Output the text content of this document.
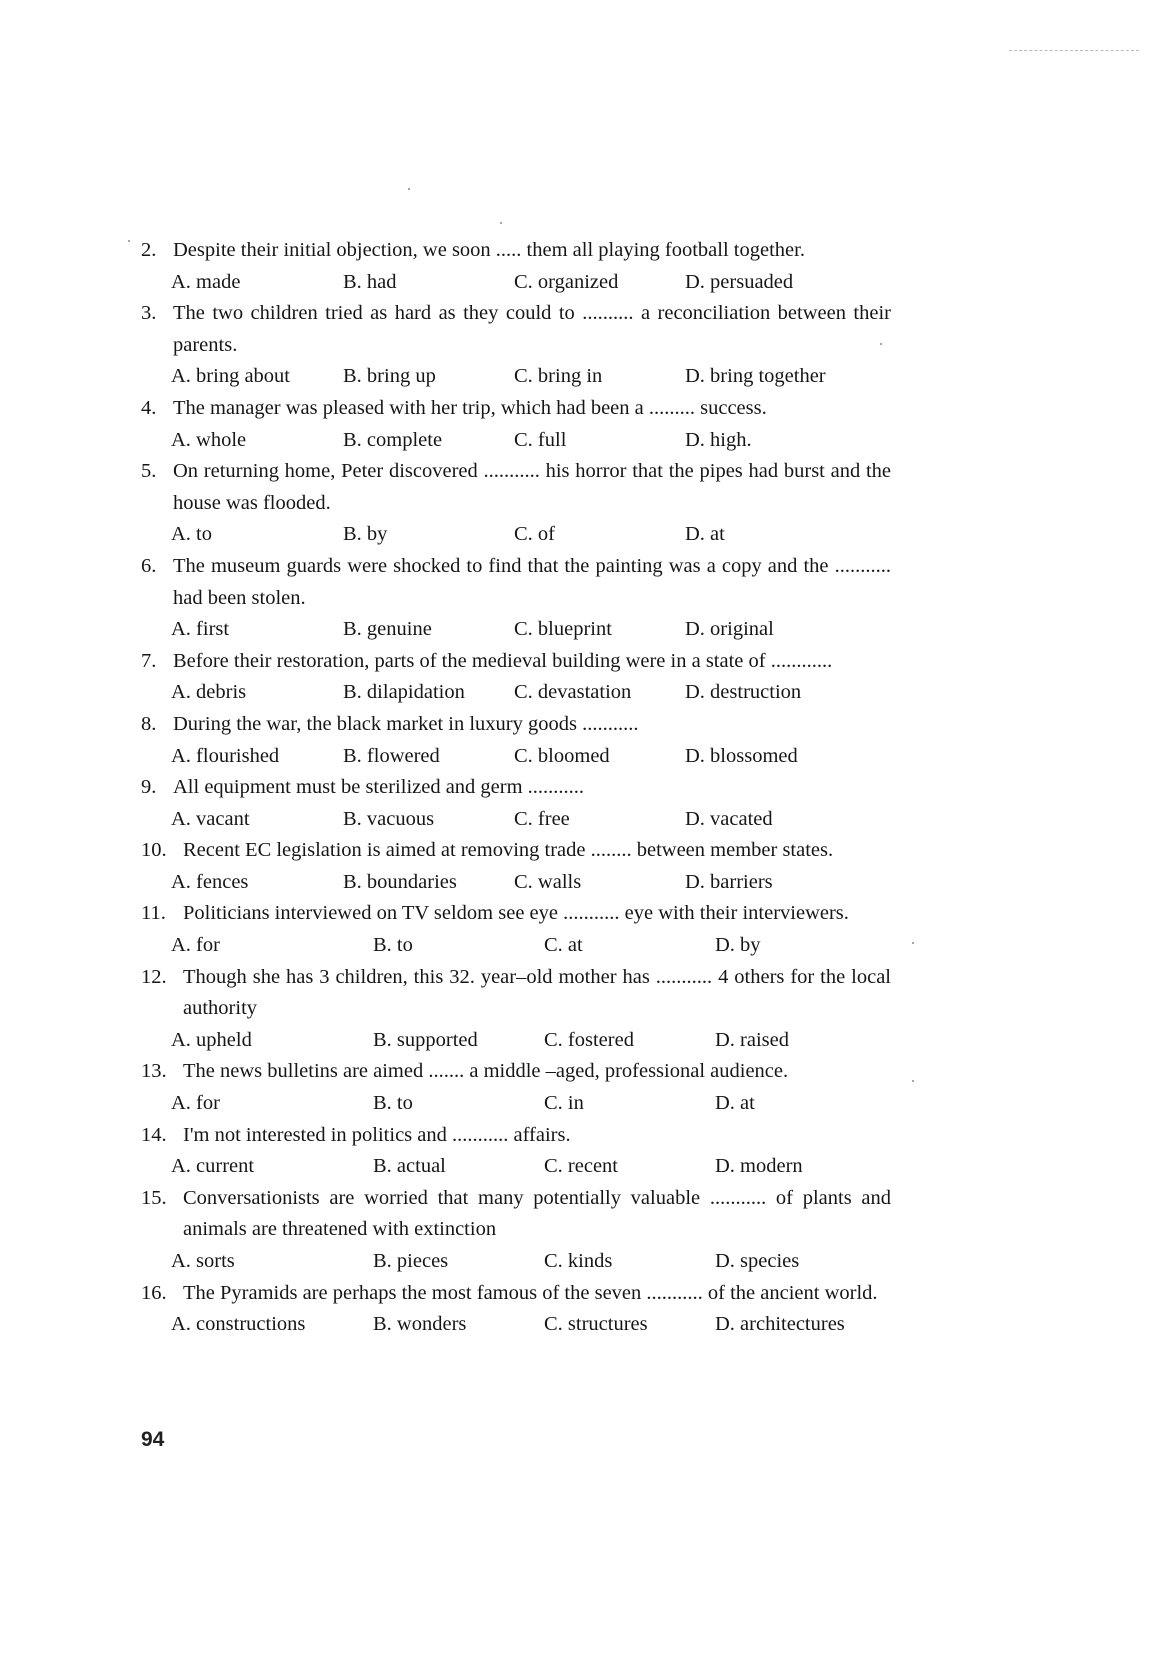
2. Despite their initial objection, we soon ..... them all playing football together.
A. made	B. had	C. organized	D. persuaded
3. The two children tried as hard as they could to .......... a reconciliation between their parents.
A. bring about	B. bring up	C. bring in	D. bring together
4. The manager was pleased with her trip, which had been a ......... success.
A. whole	B. complete	C. full	D. high.
5. On returning home, Peter discovered ........... his horror that the pipes had burst and the house was flooded.
A. to	B. by	C. of	D. at
6. The museum guards were shocked to find that the painting was a copy and the ........... had been stolen.
A. first	B. genuine	C. blueprint	D. original
7. Before their restoration, parts of the medieval building were in a state of ............
A. debris	B. dilapidation C. devastation	D. destruction
8. During the war, the black market in luxury goods ...........
A. flourished	B. flowered	C. bloomed	D. blossomed
9. All equipment must be sterilized and germ ...........
A. vacant	B. vacuous	C. free	D. vacated
10. Recent EC legislation is aimed at removing trade ........ between member states.
A. fences	B. boundaries	C. walls	D. barriers
11. Politicians interviewed on TV seldom see eye ........... eye with their interviewers.
A. for	B. to	C. at	D. by
12. Though she has 3 children, this 32. year–old mother has ........... 4 others for the local authority
A. upheld	B. supported	C. fostered	D. raised
13. The news bulletins are aimed ....... a middle –aged, professional audience.
A. for	B. to	C. in	D. at
14. I'm not interested in politics and ........... affairs.
A. current	B. actual	C. recent	D. modern
15. Conversationists are worried that many potentially valuable ........... of plants and animals are threatened with extinction
A. sorts	B. pieces	C. kinds	D. species
16. The Pyramids are perhaps the most famous of the seven ........... of the ancient world.
A. constructions	B. wonders	C. structures	D. architectures
94
